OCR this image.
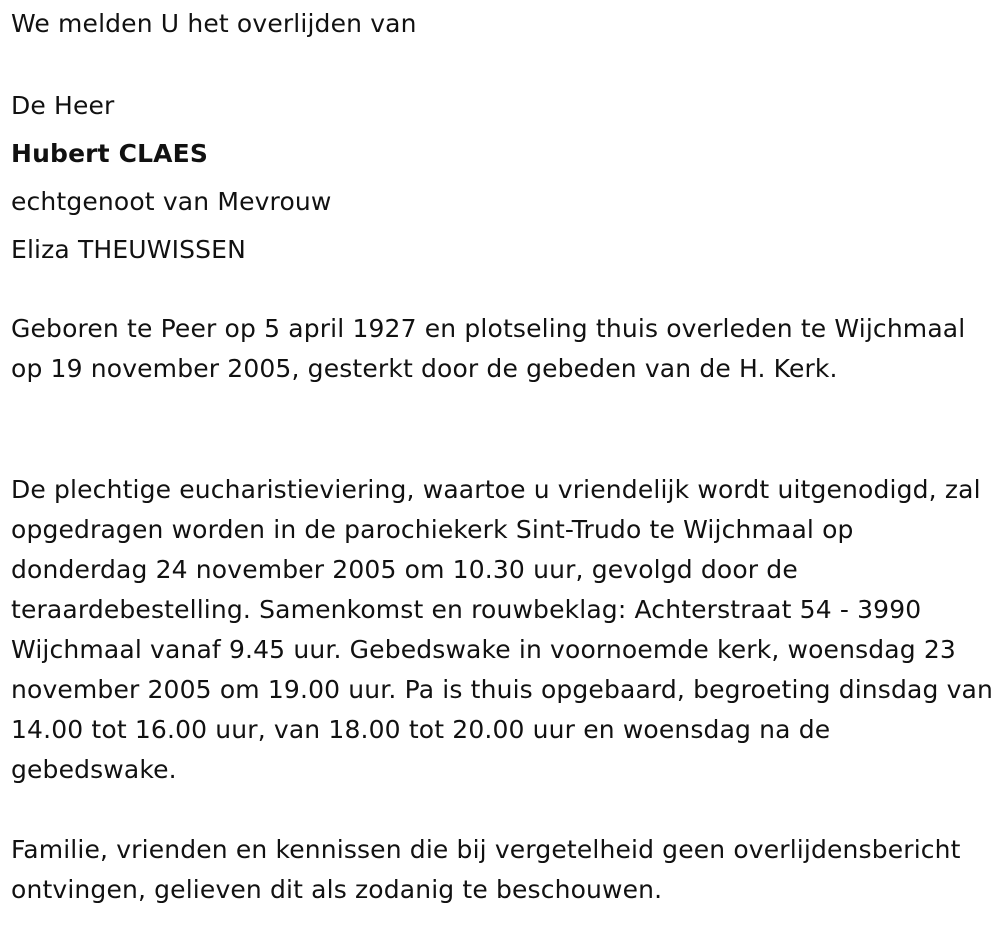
We melden U het overlijden van
De Heer
Hubert CLAES
echtgenoot van Mevrouw
Eliza THEUWISSEN
Geboren te Peer op 5 april 1927 en plotseling thuis overleden te Wijchmaal op 19 november 2005, gesterkt door de gebeden van de H. Kerk.
De plechtige eucharistieviering, waartoe u vriendelijk wordt uitgenodigd, zal opgedragen worden in de parochiekerk Sint-Trudo te Wijchmaal op donderdag 24 november 2005 om 10.30 uur, gevolgd door de teraardebestelling. Samenkomst en rouwbeklag: Achterstraat 54 - 3990 Wijchmaal vanaf 9.45 uur. Gebedswake in voornoemde kerk, woensdag 23 november 2005 om 19.00 uur. Pa is thuis opgebaard, begroeting dinsdag van 14.00 tot 16.00 uur, van 18.00 tot 20.00 uur en woensdag na de gebedswake.
Familie, vrienden en kennissen die bij vergetelheid geen overlijdensbericht ontvingen, gelieven dit als zodanig te beschouwen.
